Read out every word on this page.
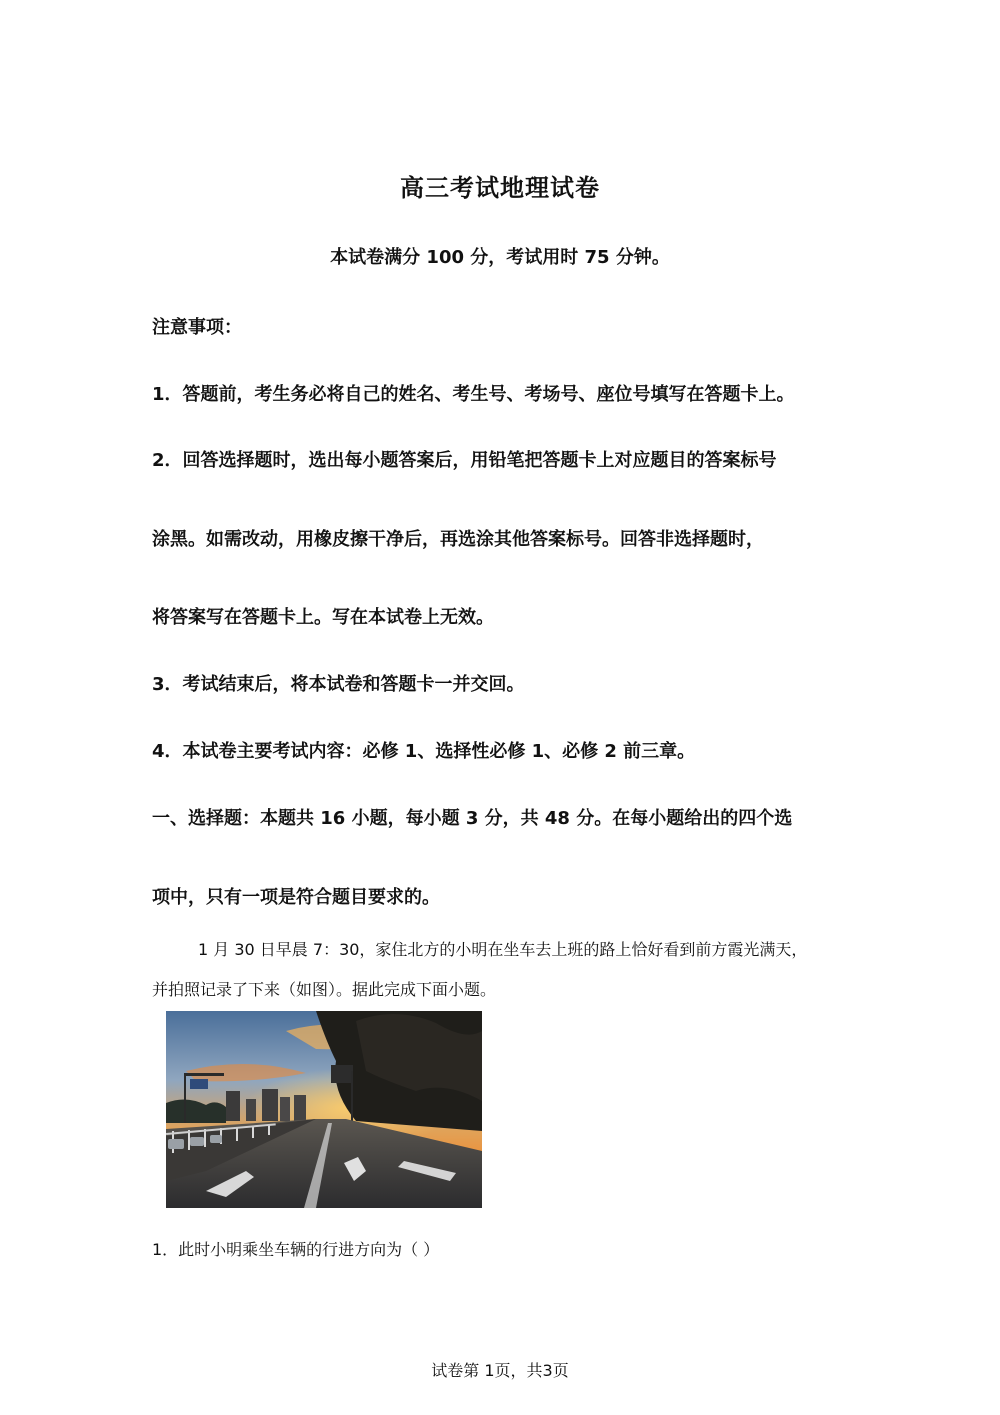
高三考试地理试卷
本试卷满分 100 分，考试用时 75 分钟。
注意事项：
1．答题前，考生务必将自己的姓名、考生号、考场号、座位号填写在答题卡上。
2．回答选择题时，选出每小题答案后，用铅笔把答题卡上对应题目的答案标号
涂黑。如需改动，用橡皮擦干净后，再选涂其他答案标号。回答非选择题时，
将答案写在答题卡上。写在本试卷上无效。
3．考试结束后，将本试卷和答题卡一并交回。
4．本试卷主要考试内容：必修 1、选择性必修 1、必修 2 前三章。
一、选择题：本题共 16 小题，每小题 3 分，共 48 分。在每小题给出的四个选
项中，只有一项是符合题目要求的。
1 月 30 日早晨 7：30，家住北方的小明在坐车去上班的路上恰好看到前方霞光满天，
并拍照记录了下来（如图）。据此完成下面小题。
1．此时小明乘坐车辆的行进方向为（ ）
试卷第 1页，共3页
